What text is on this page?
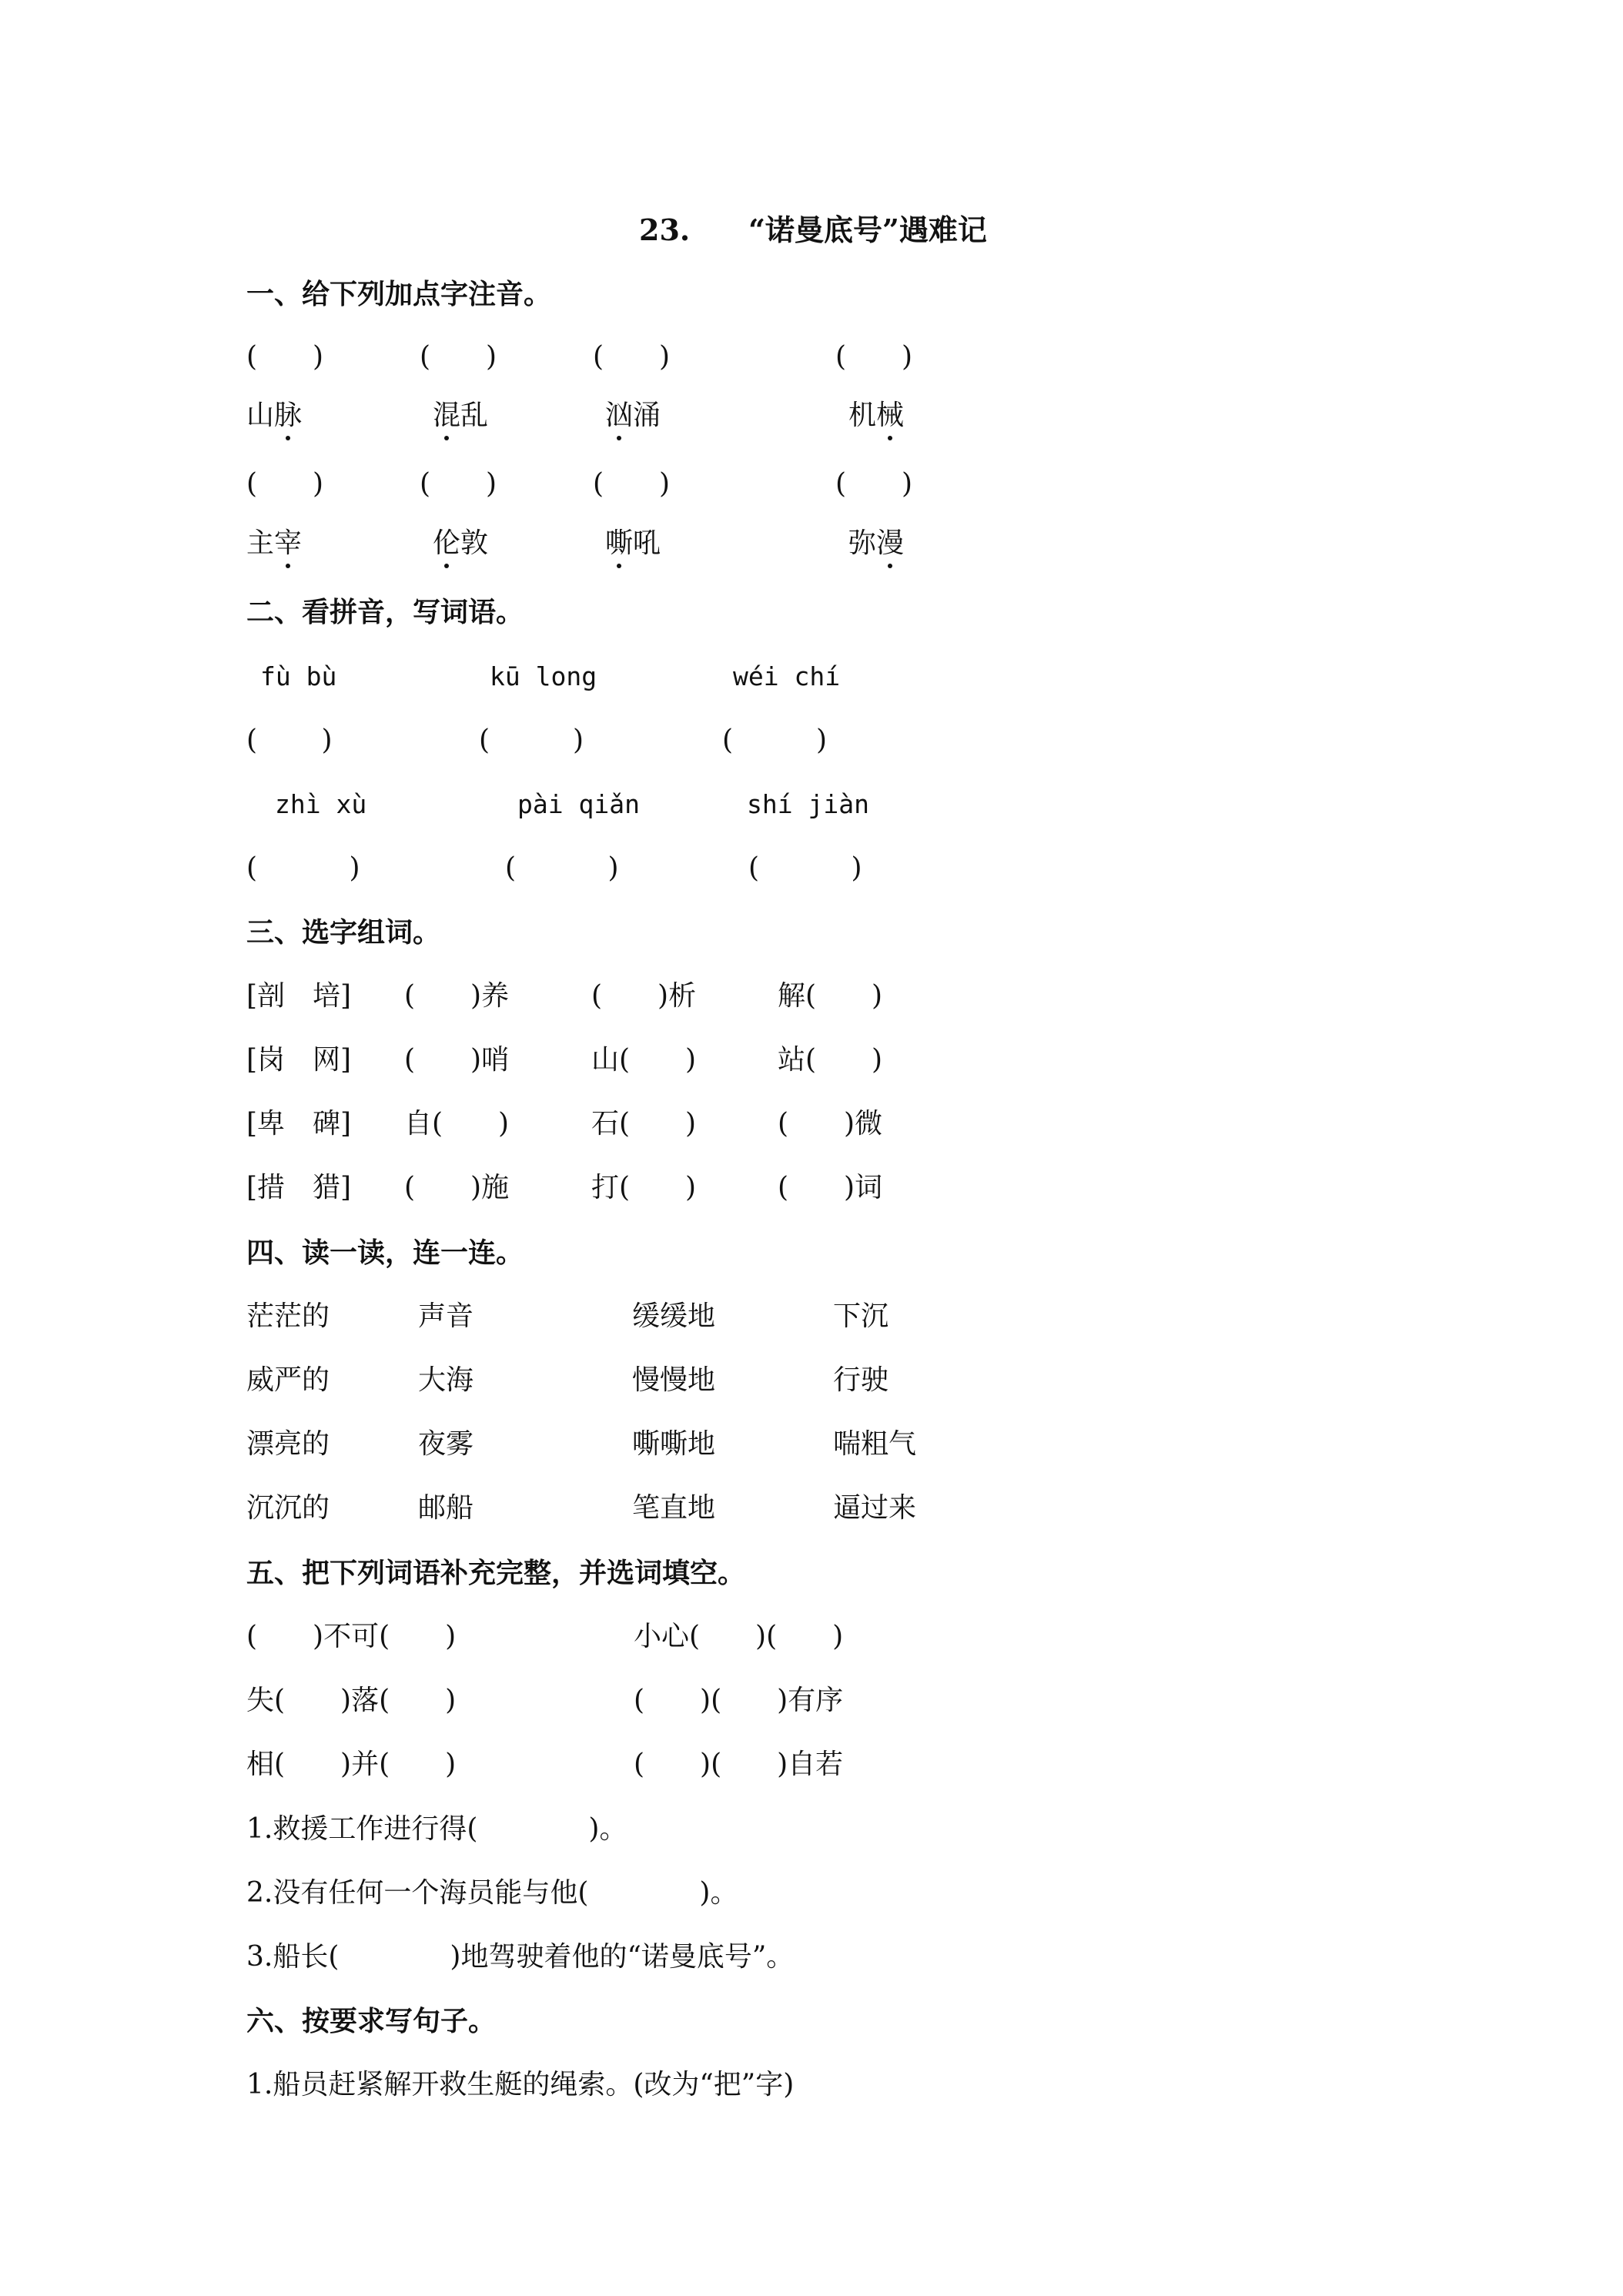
23.　　“诺曼底号”遇难记
一、给下列加点字注音。
(　　)	(　　)	(　　)	(　　)
山脉	混乱	汹涌	机械
(　　)	(　　)	(　　)	(　　)
主宰	伦敦	嘶吼	弥漫
二、看拼音，写词语。
fù bù	kū long	wéi chí
(　　 )	(　　　)	(　　　)
zhì xù	pài qiǎn	shí jiàn
(　　　 )	(　　　 )	(　　　 )
三、选字组词。
[剖　培] (　　)养	(　　)析	解(　　)
[岗　网] (　　)哨	山(　　)	站(　　)
[卑　碑] 自(　　)	石(　　)	(　　)微
[措　猎] (　　)施	打(　　)	(　　)词
四、读一读，连一连。
茫茫的	声音	缓缓地	下沉
威严的	大海	慢慢地	行驶
漂亮的	夜雾	嘶嘶地	喘粗气
沉沉的	邮船	笔直地	逼过来
五、把下列词语补充完整，并选词填空。
(　　)不可(　　)	小心(　　)(　　)
失(　　)落(　　)	(　　)(　　)有序
相(　　)并(　　)	(　　)(　　)自若
1.救援工作进行得(　　　　)。
2.没有任何一个海员能与他(　　　　)。
3.船长(　　　　)地驾驶着他的“诺曼底号”。
六、按要求写句子。
1.船员赶紧解开救生艇的绳索。(改为“把”字)
